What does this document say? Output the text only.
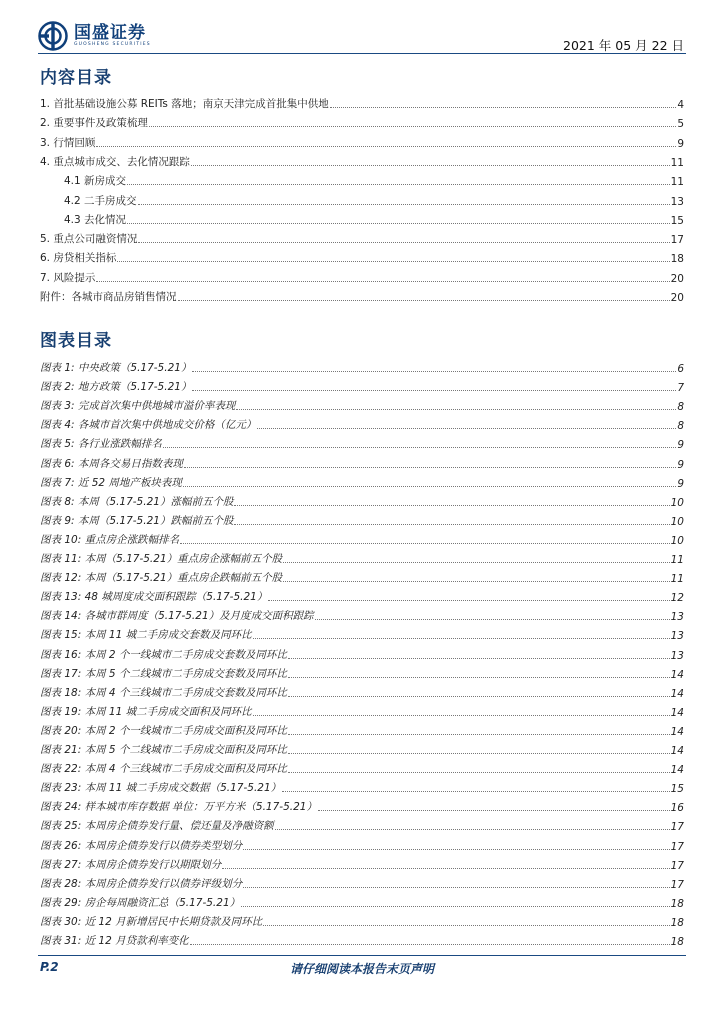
国盛证券
GUOSHENG SECURITIES	2021 年 05 月 22 日
内容目录
1. 首批基础设施公募 REITs 落地；南京天津完成首批集中供地	4
2. 重要事件及政策梳理	5
3. 行情回顾	9
4. 重点城市成交、去化情况跟踪	11
4.1 新房成交	11
4.2 二手房成交	13
4.3 去化情况	15
5. 重点公司融资情况	17
6. 房贷相关指标	18
7. 风险提示	20
附件：各城市商品房销售情况	20
图表目录
图表 1: 中央政策（5.17-5.21）	6
图表 2: 地方政策（5.17-5.21）	7
图表 3: 完成首次集中供地城市溢价率表现	8
图表 4: 各城市首次集中供地成交价格（亿元）	8
图表 5: 各行业涨跌幅排名	9
图表 6: 本周各交易日指数表现	9
图表 7: 近 52 周地产板块表现	9
图表 8: 本周（5.17-5.21）涨幅前五个股	10
图表 9: 本周（5.17-5.21）跌幅前五个股	10
图表 10: 重点房企涨跌幅排名	10
图表 11: 本周（5.17-5.21）重点房企涨幅前五个股	11
图表 12: 本周（5.17-5.21）重点房企跌幅前五个股	11
图表 13: 48 城周度成交面积跟踪（5.17-5.21）	12
图表 14: 各城市群周度（5.17-5.21）及月度成交面积跟踪	13
图表 15: 本周 11 城二手房成交套数及同环比	13
图表 16: 本周 2 个一线城市二手房成交套数及同环比	13
图表 17: 本周 5 个二线城市二手房成交套数及同环比	14
图表 18: 本周 4 个三线城市二手房成交套数及同环比	14
图表 19: 本周 11 城二手房成交面积及同环比	14
图表 20: 本周 2 个一线城市二手房成交面积及同环比	14
图表 21: 本周 5 个二线城市二手房成交面积及同环比	14
图表 22: 本周 4 个三线城市二手房成交面积及同环比	14
图表 23: 本周 11 城二手房成交数据（5.17-5.21）	15
图表 24: 样本城市库存数据 单位：万平方米（5.17-5.21）	16
图表 25: 本周房企债券发行量、偿还量及净融资额	17
图表 26: 本周房企债券发行以债券类型划分	17
图表 27: 本周房企债券发行以期限划分	17
图表 28: 本周房企债券发行以债券评级划分	17
图表 29: 房企每周融资汇总（5.17-5.21）	18
图表 30: 近 12 月新增居民中长期贷款及同环比	18
图表 31: 近 12 月贷款利率变化	18
P.2	请仔细阅读本报告末页声明
